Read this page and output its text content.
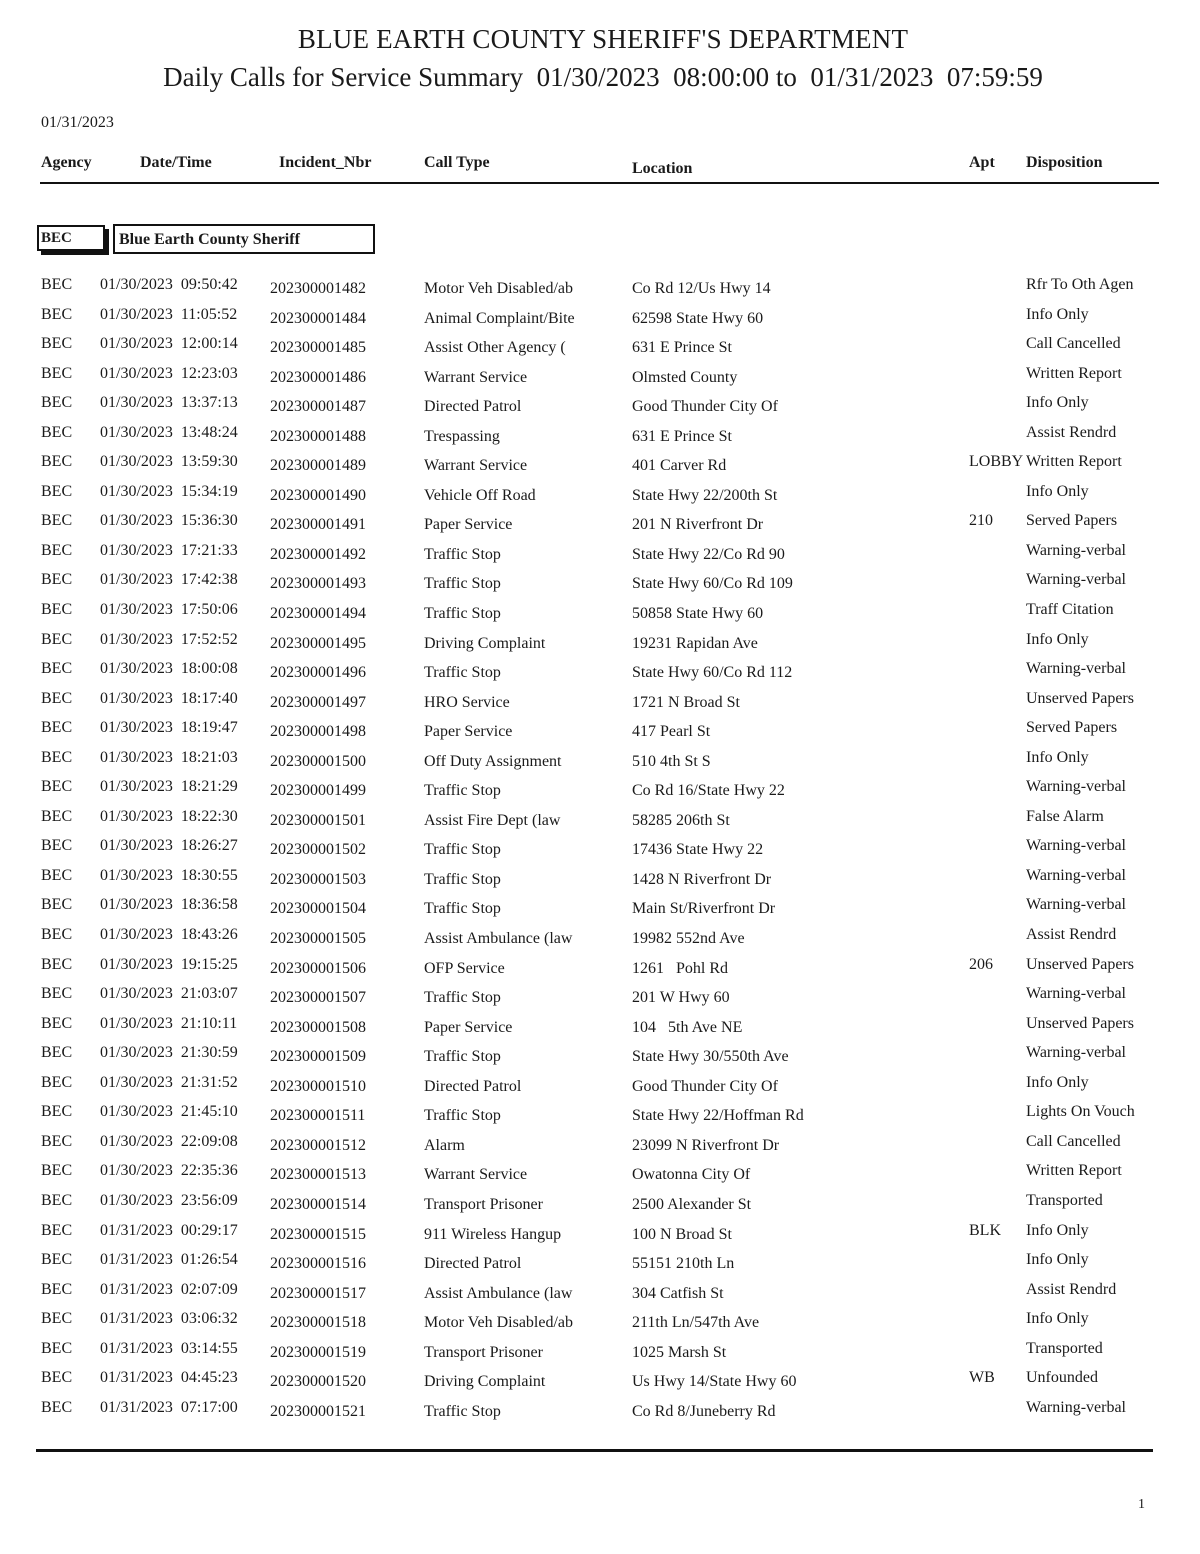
BLUE EARTH COUNTY SHERIFF'S DEPARTMENT
Daily Calls for Service Summary  01/30/2023  08:00:00 to  01/31/2023  07:59:59
01/31/2023
Agency	Date/Time	Incident_Nbr	Call Type	Location	Apt Disposition
BEC	Blue Earth County Sheriff
BEC 01/30/2023  09:50:42 202300001482	Motor Veh Disabled/ab	Co Rd 12/Us Hwy 14	Rfr To Oth Agen
BEC 01/30/2023  11:05:52 202300001484	Animal Complaint/Bite	62598 State Hwy 60	Info Only
BEC 01/30/2023  12:00:14 202300001485	Assist Other Agency (	631 E Prince St	Call Cancelled
BEC 01/30/2023  12:23:03 202300001486	Warrant Service	Olmsted County	Written Report
BEC 01/30/2023  13:37:13 202300001487	Directed Patrol	Good Thunder City Of	Info Only
BEC 01/30/2023  13:48:24 202300001488	Trespassing	631 E Prince St	Assist Rendrd
BEC 01/30/2023  13:59:30 202300001489	Warrant Service	401 Carver Rd	LOBBY Written Report
BEC 01/30/2023  15:34:19 202300001490	Vehicle Off Road	State Hwy 22/200th St	Info Only
BEC 01/30/2023  15:36:30 202300001491	Paper Service	201 N Riverfront Dr	210 Served Papers
BEC 01/30/2023  17:21:33 202300001492	Traffic Stop	State Hwy 22/Co Rd 90	Warning-verbal
BEC 01/30/2023  17:42:38 202300001493	Traffic Stop	State Hwy 60/Co Rd 109	Warning-verbal
BEC 01/30/2023  17:50:06 202300001494	Traffic Stop	50858 State Hwy 60	Traff Citation
BEC 01/30/2023  17:52:52 202300001495	Driving Complaint	19231 Rapidan Ave	Info Only
BEC 01/30/2023  18:00:08 202300001496	Traffic Stop	State Hwy 60/Co Rd 112	Warning-verbal
BEC 01/30/2023  18:17:40 202300001497	HRO Service	1721 N Broad St	Unserved Papers
BEC 01/30/2023  18:19:47 202300001498	Paper Service	417 Pearl St	Served Papers
BEC 01/30/2023  18:21:03 202300001500	Off Duty Assignment	510 4th St S	Info Only
BEC 01/30/2023  18:21:29 202300001499	Traffic Stop	Co Rd 16/State Hwy 22	Warning-verbal
BEC 01/30/2023  18:22:30 202300001501	Assist Fire Dept (law	58285 206th St	False Alarm
BEC 01/30/2023  18:26:27 202300001502	Traffic Stop	17436 State Hwy 22	Warning-verbal
BEC 01/30/2023  18:30:55 202300001503	Traffic Stop	1428 N Riverfront Dr	Warning-verbal
BEC 01/30/2023  18:36:58 202300001504	Traffic Stop	Main St/Riverfront Dr	Warning-verbal
BEC 01/30/2023  18:43:26 202300001505	Assist Ambulance (law	19982 552nd Ave	Assist Rendrd
BEC 01/30/2023  19:15:25 202300001506	OFP Service	1261   Pohl Rd	206 Unserved Papers
BEC 01/30/2023  21:03:07 202300001507	Traffic Stop	201 W Hwy 60	Warning-verbal
BEC 01/30/2023  21:10:11 202300001508	Paper Service	104   5th Ave NE	Unserved Papers
BEC 01/30/2023  21:30:59 202300001509	Traffic Stop	State Hwy 30/550th Ave	Warning-verbal
BEC 01/30/2023  21:31:52 202300001510	Directed Patrol	Good Thunder City Of	Info Only
BEC 01/30/2023  21:45:10 202300001511	Traffic Stop	State Hwy 22/Hoffman Rd	Lights On Vouch
BEC 01/30/2023  22:09:08 202300001512	Alarm	23099 N Riverfront Dr	Call Cancelled
BEC 01/30/2023  22:35:36 202300001513	Warrant Service	Owatonna City Of	Written Report
BEC 01/30/2023  23:56:09 202300001514	Transport Prisoner	2500 Alexander St	Transported
BEC 01/31/2023  00:29:17 202300001515	911 Wireless Hangup	100 N Broad St	BLK Info Only
BEC 01/31/2023  01:26:54 202300001516	Directed Patrol	55151 210th Ln	Info Only
BEC 01/31/2023  02:07:09 202300001517	Assist Ambulance (law	304 Catfish St	Assist Rendrd
BEC 01/31/2023  03:06:32 202300001518	Motor Veh Disabled/ab	211th Ln/547th Ave	Info Only
BEC 01/31/2023  03:14:55 202300001519	Transport Prisoner	1025 Marsh St	Transported
BEC 01/31/2023  04:45:23 202300001520	Driving Complaint	Us Hwy 14/State Hwy 60	WB Unfounded
BEC 01/31/2023  07:17:00 202300001521	Traffic Stop	Co Rd 8/Juneberry Rd	Warning-verbal
1
